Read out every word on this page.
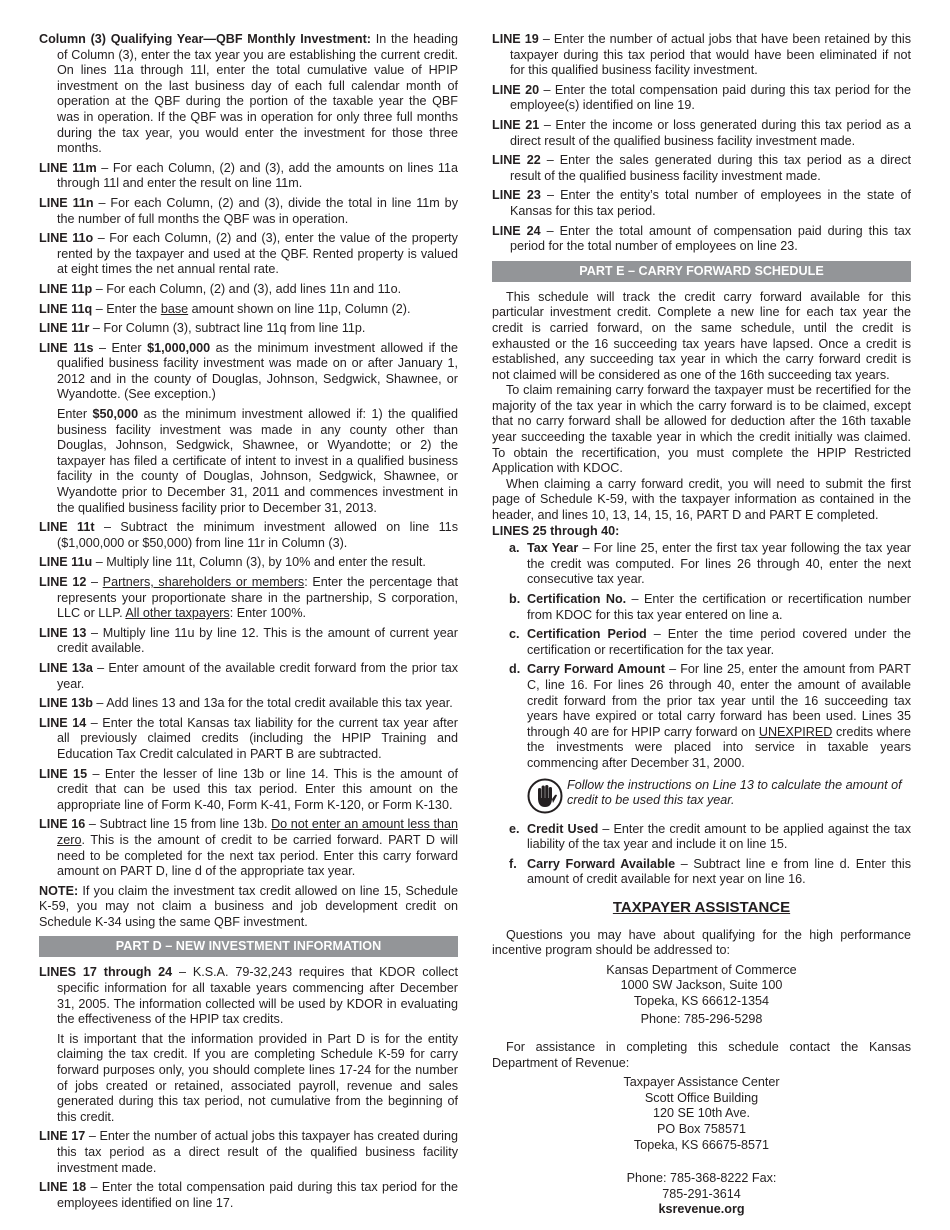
Column (3) Qualifying Year—QBF Monthly Investment: In the heading of Column (3), enter the tax year you are establishing the current credit. On lines 11a through 11l, enter the total cumulative value of HPIP investment on the last business day of each full calendar month of operation at the QBF during the portion of the taxable year the QBF was in operation. If the QBF was in operation for only three full months during the tax year, you would enter the investment for those three months.

LINE 11m – For each Column, (2) and (3), add the amounts on lines 11a through 11l and enter the result on line 11m.

LINE 11n – For each Column, (2) and (3), divide the total in line 11m by the number of full months the QBF was in operation.

LINE 11o – For each Column, (2) and (3), enter the value of the property rented by the taxpayer and used at the QBF. Rented property is valued at eight times the net annual rental rate.

LINE 11p – For each Column, (2) and (3), add lines 11n and 11o.

LINE 11q – Enter the base amount shown on line 11p, Column (2).

LINE 11r – For Column (3), subtract line 11q from line 11p.

LINE 11s – Enter $1,000,000 as the minimum investment allowed if the qualified business facility investment was made on or after January 1, 2012 and in the county of Douglas, Johnson, Sedgwick, Shawnee, or Wyandotte. (See exception.)

Enter $50,000 as the minimum investment allowed if: 1) the qualified business facility investment was made in any county other than Douglas, Johnson, Sedgwick, Shawnee, or Wyandotte; or 2) the taxpayer has filed a certificate of intent to invest in a qualified business facility in the county of Douglas, Johnson, Sedgwick, Shawnee, or Wyandotte prior to December 31, 2011 and commences investment in the qualified business facility prior to December 31, 2013.

LINE 11t – Subtract the minimum investment allowed on line 11s ($1,000,000 or $50,000) from line 11r in Column (3).

LINE 11u – Multiply line 11t, Column (3), by 10% and enter the result.

LINE 12 – Partners, shareholders or members: Enter the percentage that represents your proportionate share in the partnership, S corporation, LLC or LLP. All other taxpayers: Enter 100%.

LINE 13 – Multiply line 11u by line 12. This is the amount of current year credit available.

LINE 13a – Enter amount of the available credit forward from the prior tax year.

LINE 13b – Add lines 13 and 13a for the total credit available this tax year.

LINE 14 – Enter the total Kansas tax liability for the current tax year after all previously claimed credits (including the HPIP Training and Education Tax Credit calculated in PART B are subtracted.

LINE 15 – Enter the lesser of line 13b or line 14. This is the amount of credit that can be used this tax period. Enter this amount on the appropriate line of Form K-40, Form K-41, Form K-120, or Form K-130.

LINE 16 – Subtract line 15 from line 13b. Do not enter an amount less than zero. This is the amount of credit to be carried forward. PART D will need to be completed for the next tax period. Enter this carry forward amount on PART D, line d of the appropriate tax year.

NOTE: If you claim the investment tax credit allowed on line 15, Schedule K-59, you may not claim a business and job development credit on Schedule K-34 using the same QBF investment.

PART D – NEW INVESTMENT INFORMATION

LINES 17 through 24 – K.S.A. 79-32,243 requires that KDOR collect specific information for all taxable years commencing after December 31, 2005. The information collected will be used by KDOR in evaluating the effectiveness of the HPIP tax credits.

It is important that the information provided in Part D is for the entity claiming the tax credit. If you are completing Schedule K-59 for carry forward purposes only, you should complete lines 17-24 for the number of jobs created or retained, associated payroll, revenue and sales generated during this tax period, not cumulative from the beginning of this credit.

LINE 17 – Enter the number of actual jobs this taxpayer has created during this tax period as a direct result of the qualified business facility investment made.

LINE 18 – Enter the total compensation paid during this tax period for the employees identified on line 17.

LINE 19 – Enter the number of actual jobs that have been retained by this taxpayer during this tax period that would have been eliminated if not for this qualified business facility investment.

LINE 20 – Enter the total compensation paid during this tax period for the employee(s) identified on line 19.

LINE 21 – Enter the income or loss generated during this tax period as a direct result of the qualified business facility investment made.

LINE 22 – Enter the sales generated during this tax period as a direct result of the qualified business facility investment made.

LINE 23 – Enter the entity’s total number of employees in the state of Kansas for this tax period.

LINE 24 – Enter the total amount of compensation paid during this tax period for the total number of employees on line 23.

PART E – CARRY FORWARD SCHEDULE

This schedule will track the credit carry forward available for this particular investment credit. Complete a new line for each tax year the credit is carried forward, on the same schedule, until the credit is exhausted or the 16 succeeding tax years have lapsed. Once a credit is established, any succeeding tax year in which the carry forward credit is not claimed will be considered as one of the 16th succeeding tax years.

To claim remaining carry forward the taxpayer must be recertified for the majority of the tax year in which the carry forward is to be claimed, except that no carry forward shall be allowed for deduction after the 16th taxable year succeeding the taxable year in which the credit initially was claimed. To obtain the recertification, you must complete the HPIP Restricted Application with KDOC.

When claiming a carry forward credit, you will need to submit the first page of Schedule K-59, with the taxpayer information as contained in the header, and lines 10, 13, 14, 15, 16, PART D and PART E completed.

LINES 25 through 40:

a. Tax Year – For line 25, enter the first tax year following the tax year the credit was computed. For lines 26 through 40, enter the next consecutive tax year.

b. Certification No. – Enter the certification or recertification number from KDOC for this tax year entered on line a.

c. Certification Period – Enter the time period covered under the certification or recertification for the tax year.

d. Carry Forward Amount – For line 25, enter the amount from PART C, line 16. For lines 26 through 40, enter the amount of available credit forward from the prior tax year until the 16 succeeding tax years have expired or total carry forward has been used. Lines 35 through 40 are for HPIP carry forward on UNEXPIRED credits where the investments were placed into service in taxable years commencing after December 31, 2000.

Follow the instructions on Line 13 to calculate the amount of credit to be used this tax year.

e. Credit Used – Enter the credit amount to be applied against the tax liability of the tax year and include it on line 15.

f. Carry Forward Available – Subtract line e from line d. Enter this amount of credit available for next year on line 16.

TAXPAYER ASSISTANCE

Questions you may have about qualifying for the high performance incentive program should be addressed to:

Kansas Department of Commerce
1000 SW Jackson, Suite 100
Topeka, KS 66612-1354
Phone: 785-296-5298

For assistance in completing this schedule contact the Kansas Department of Revenue:

Taxpayer Assistance Center
Scott Office Building
120 SE 10th Ave.
PO Box 758571
Topeka, KS 66675-8571
Phone: 785-368-8222 Fax:
785-291-3614
ksrevenue.org
